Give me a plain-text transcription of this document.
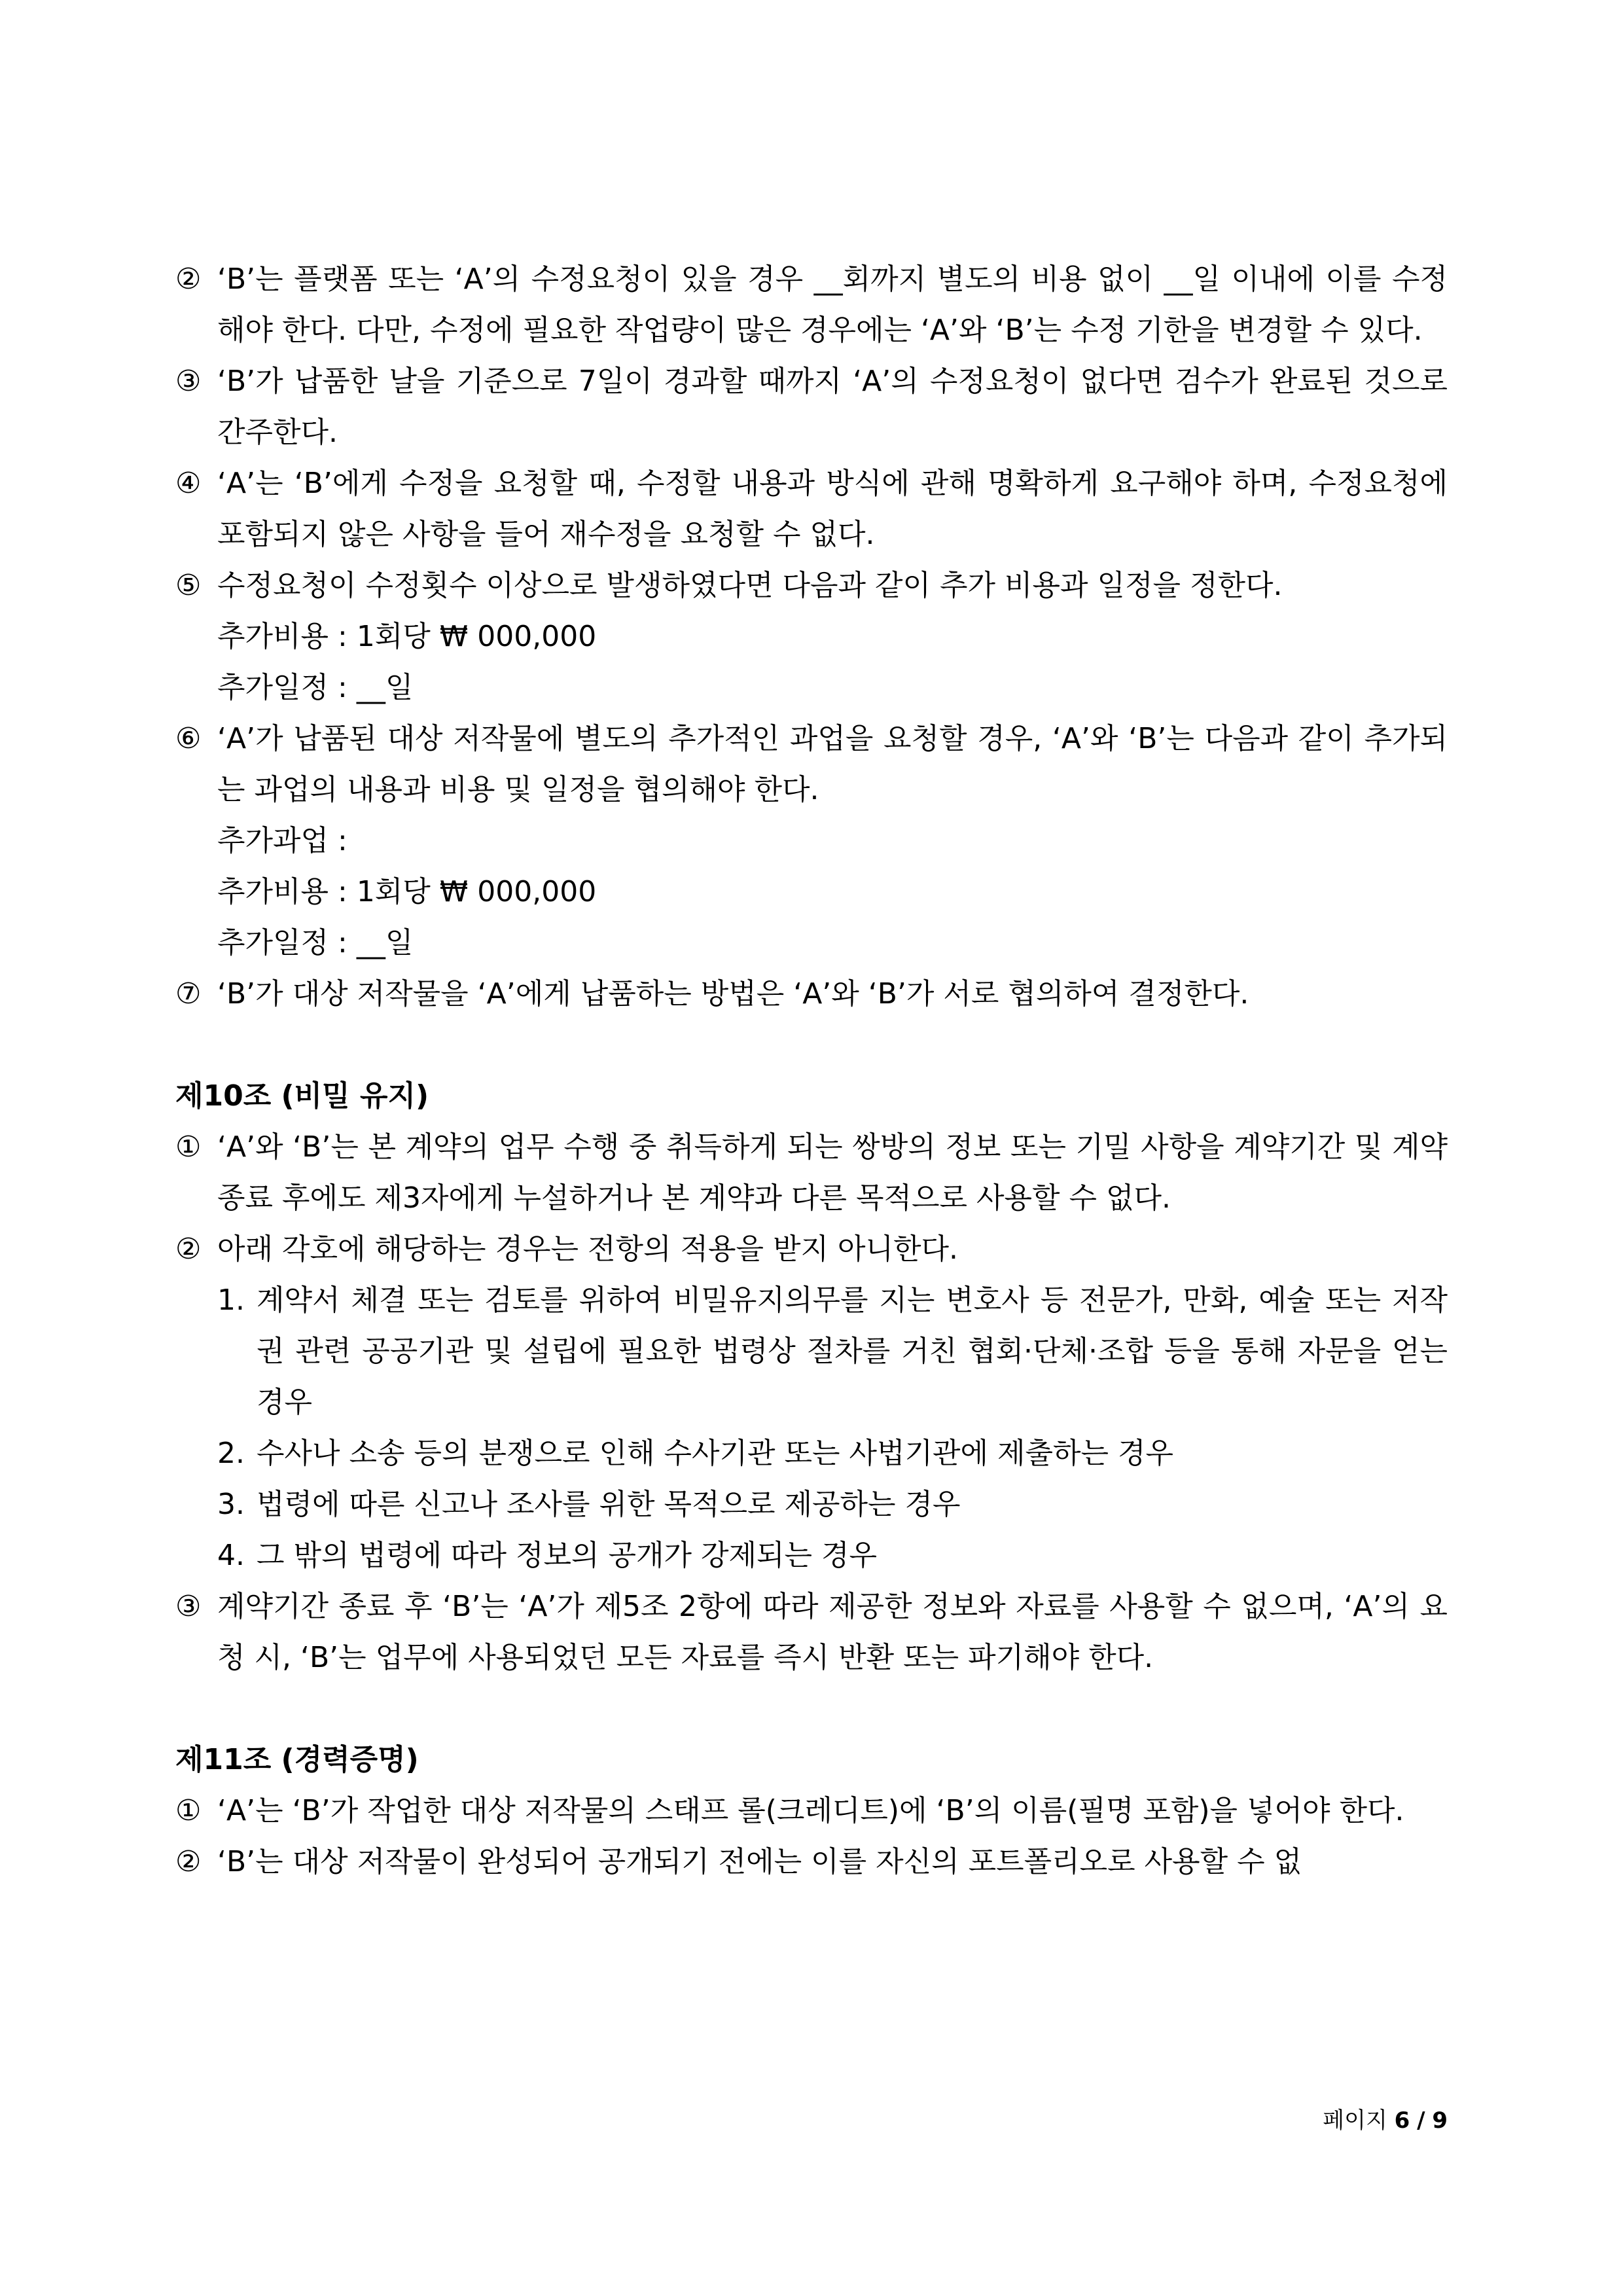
② ‘B’는 플랫폼 또는 ‘A’의 수정요청이 있을 경우 __회까지 별도의 비용 없이 __일 이내에 이를 수정해야 한다. 다만, 수정에 필요한 작업량이 많은 경우에는 ‘A’와 ‘B’는 수정 기한을 변경할 수 있다.
③ ‘B’가 납품한 날을 기준으로 7일이 경과할 때까지 ‘A’의 수정요청이 없다면 검수가 완료된 것으로 간주한다.
④ ‘A’는 ‘B’에게 수정을 요청할 때, 수정할 내용과 방식에 관해 명확하게 요구해야 하며, 수정요청에 포함되지 않은 사항을 들어 재수정을 요청할 수 없다.
⑤ 수정요청이 수정횟수 이상으로 발생하였다면 다음과 같이 추가 비용과 일정을 정한다.
추가비용 : 1회당 ₩ 000,000
추가일정 : __일
⑥ ‘A’가 납품된 대상 저작물에 별도의 추가적인 과업을 요청할 경우, ‘A’와 ‘B’는 다음과 같이 추가되는 과업의 내용과 비용 및 일정을 협의해야 한다.
추가과업 :
추가비용 : 1회당 ₩ 000,000
추가일정 : __일
⑦ ‘B’가 대상 저작물을 ‘A’에게 납품하는 방법은 ‘A’와 ‘B’가 서로 협의하여 결정한다.
제10조 (비밀 유지)
① ‘A’와 ‘B’는 본 계약의 업무 수행 중 취득하게 되는 쌍방의 정보 또는 기밀 사항을 계약기간 및 계약 종료 후에도 제3자에게 누설하거나 본 계약과 다른 목적으로 사용할 수 없다.
② 아래 각호에 해당하는 경우는 전항의 적용을 받지 아니한다.
1. 계약서 체결 또는 검토를 위하여 비밀유지의무를 지는 변호사 등 전문가, 만화, 예술 또는 저작권 관련 공공기관 및 설립에 필요한 법령상 절차를 거친 협회·단체·조합 등을 통해 자문을 얻는 경우
2. 수사나 소송 등의 분쟁으로 인해 수사기관 또는 사법기관에 제출하는 경우
3. 법령에 따른 신고나 조사를 위한 목적으로 제공하는 경우
4. 그 밖의 법령에 따라 정보의 공개가 강제되는 경우
③ 계약기간 종료 후 ‘B’는 ‘A’가 제5조 2항에 따라 제공한 정보와 자료를 사용할 수 없으며, ‘A’의 요청 시, ‘B’는 업무에 사용되었던 모든 자료를 즉시 반환 또는 파기해야 한다.
제11조 (경력증명)
① ‘A’는 ‘B’가 작업한 대상 저작물의 스태프 롤(크레디트)에 ‘B’의 이름(필명 포함)을 넣어야 한다.
② ‘B’는 대상 저작물이 완성되어 공개되기 전에는 이를 자신의 포트폴리오로 사용할 수 없
페이지 6 / 9
